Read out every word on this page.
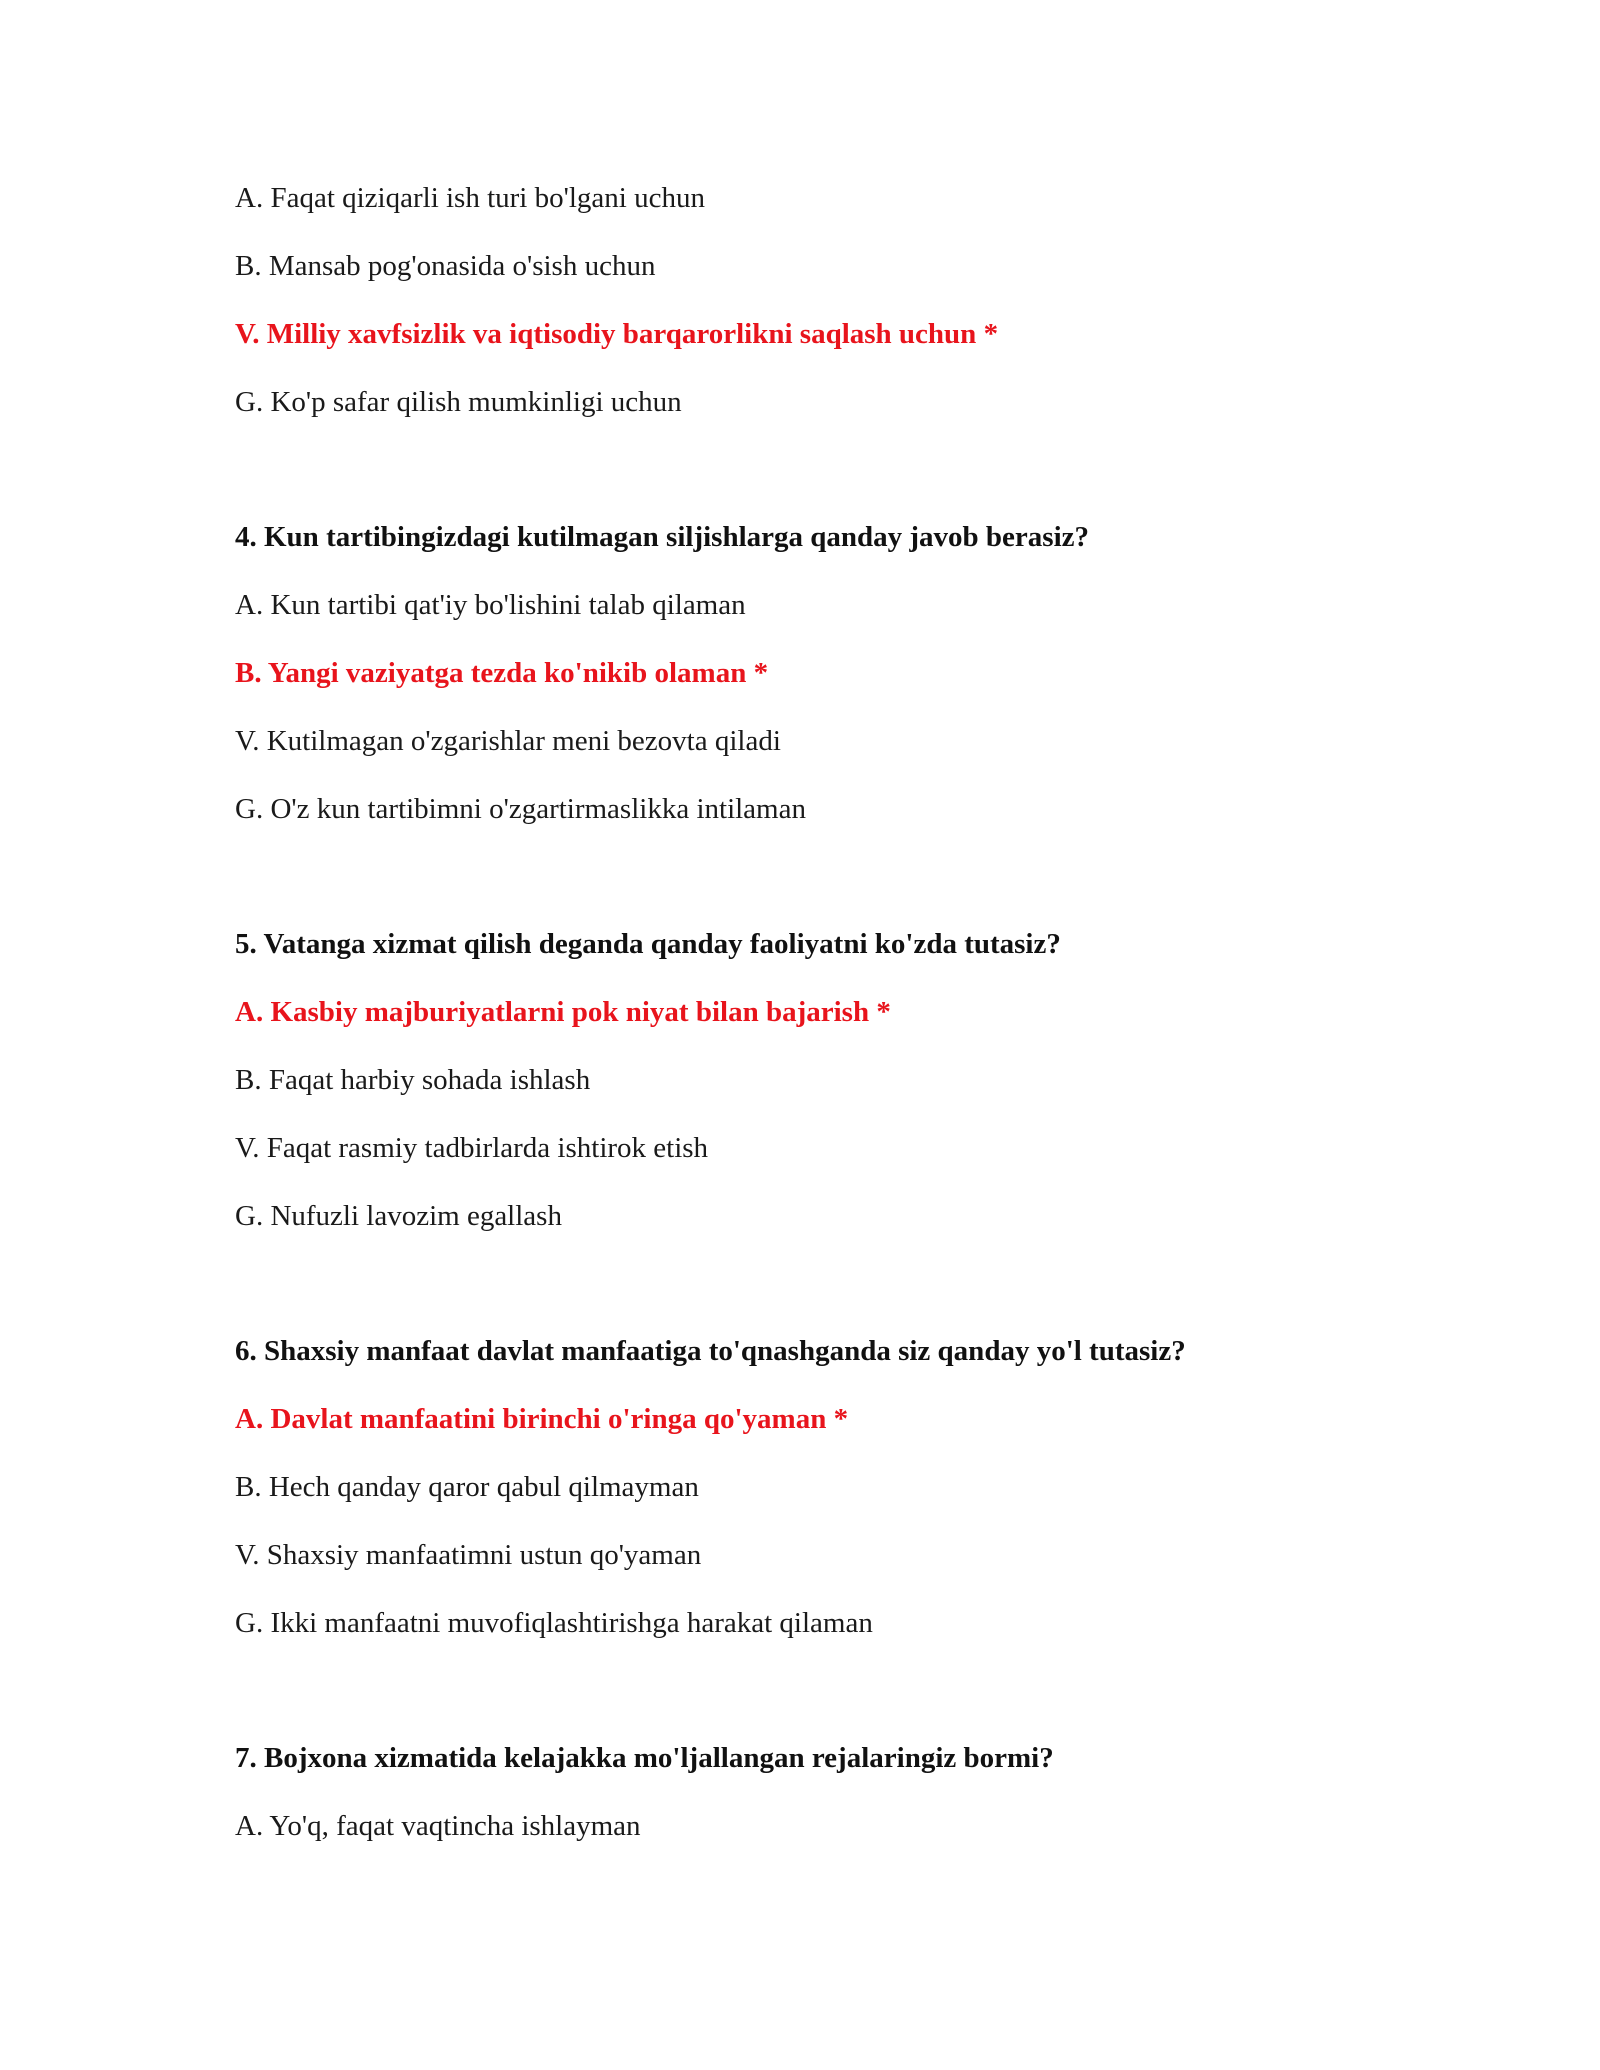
A. Faqat qiziqarli ish turi bo'lgani uchun
B. Mansab pog'onasida o'sish uchun
V. Milliy xavfsizlik va iqtisodiy barqarorlikni saqlash uchun *
G. Ko'p safar qilish mumkinligi uchun
4. Kun tartibingizdagi kutilmagan siljishlarga qanday javob berasiz?
A. Kun tartibi qat'iy bo'lishini talab qilaman
B. Yangi vaziyatga tezda ko'nikib olaman *
V. Kutilmagan o'zgarishlar meni bezovta qiladi
G. O'z kun tartibimni o'zgartirmaslikka intilaman
5. Vatanga xizmat qilish deganda qanday faoliyatni ko'zda tutasiz?
A. Kasbiy majburiyatlarni pok niyat bilan bajarish *
B. Faqat harbiy sohada ishlash
V. Faqat rasmiy tadbirlarda ishtirok etish
G. Nufuzli lavozim egallash
6. Shaxsiy manfaat davlat manfaatiga to'qnashganda siz qanday yo'l tutasiz?
A. Davlat manfaatini birinchi o'ringa qo'yaman *
B. Hech qanday qaror qabul qilmayman
V. Shaxsiy manfaatimni ustun qo'yaman
G. Ikki manfaatni muvofiqlashtirishga harakat qilaman
7. Bojxona xizmatida kelajakka mo'ljallangan rejalaringiz bormi?
A. Yo'q, faqat vaqtincha ishlayman
